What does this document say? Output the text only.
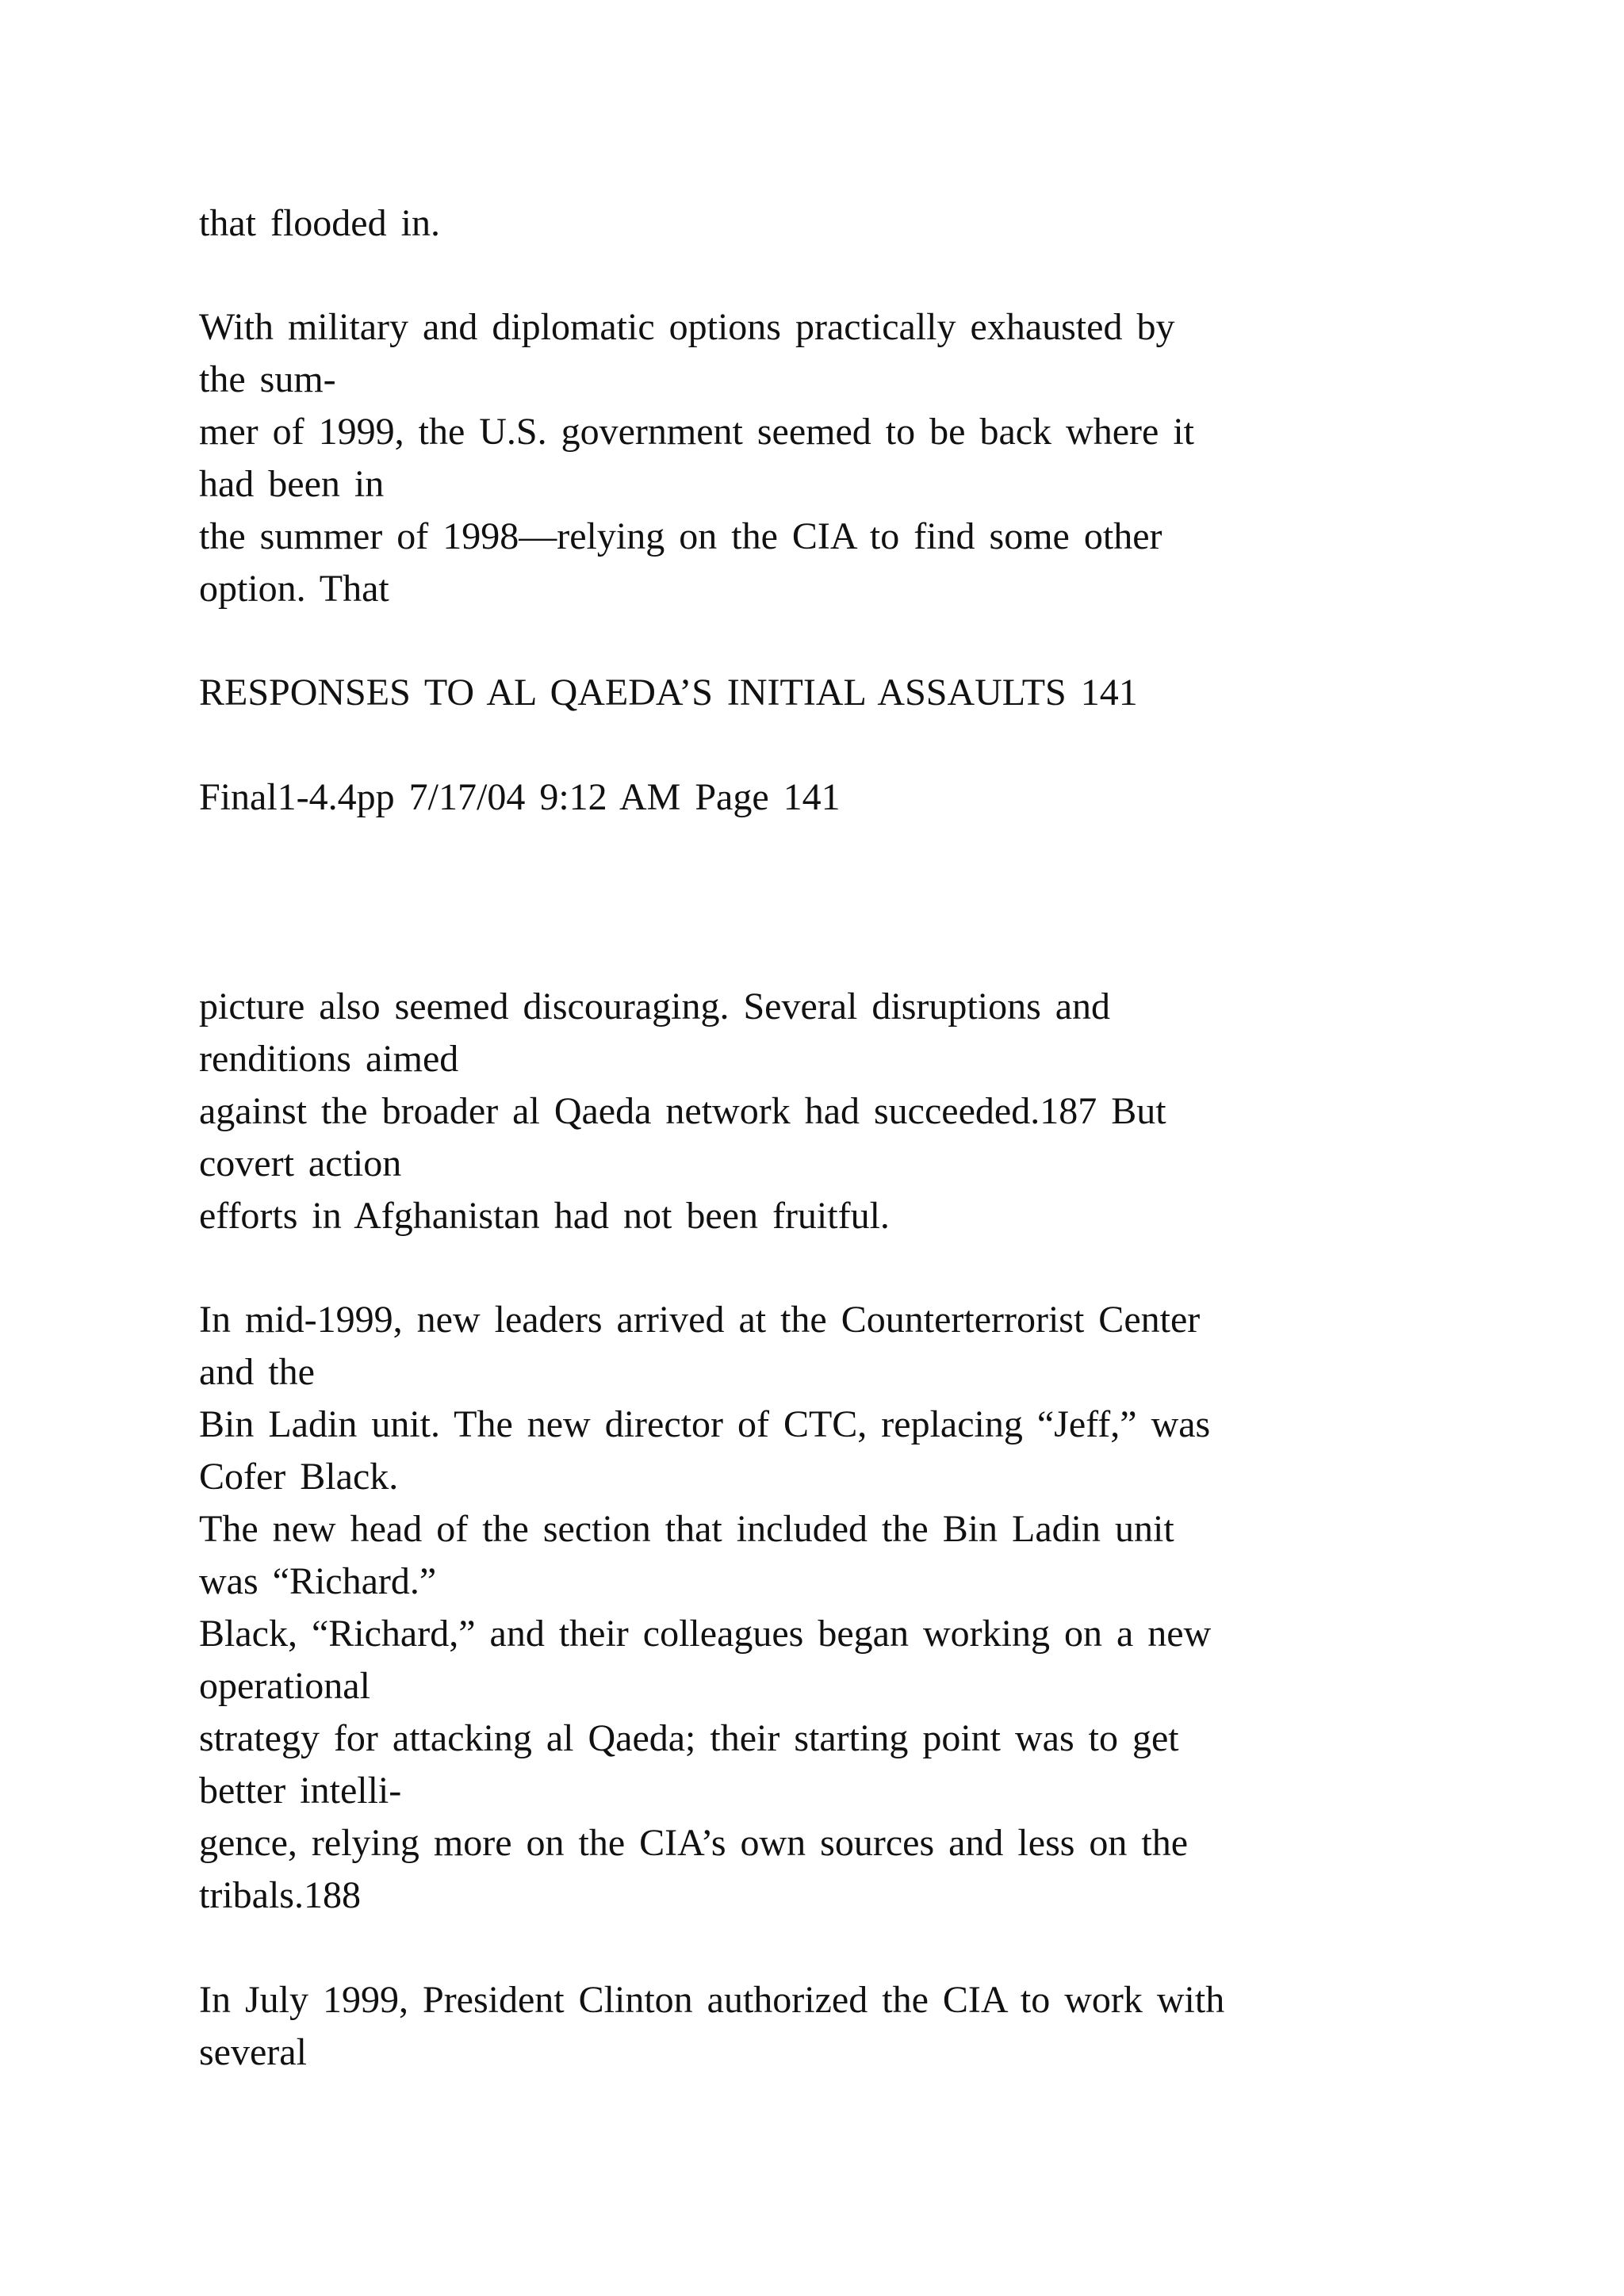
that flooded in.

With military and diplomatic options practically exhausted by

the sum-

mer of 1999, the U.S. government seemed to be back where it

had been in

the summer of 1998—relying on the CIA to find some other

option. That

RESPONSES TO AL QAEDA’S INITIAL ASSAULTS 141

Final1-4.4pp 7/17/04 9:12 AM Page 141

picture also seemed discouraging. Several disruptions and

renditions aimed

against the broader al Qaeda network had succeeded.187 But

covert action

efforts in Afghanistan had not been fruitful.

In mid-1999, new leaders arrived at the Counterterrorist Center

and the

Bin Ladin unit. The new director of CTC, replacing “Jeff,” was

Cofer Black.

The new head of the section that included the Bin Ladin unit

was “Richard.”

Black, “Richard,” and their colleagues began working on a new

operational

strategy for attacking al Qaeda; their starting point was to get

better intelli-

gence, relying more on the CIA’s own sources and less on the

tribals.188

In July 1999, President Clinton authorized the CIA to work with

several
